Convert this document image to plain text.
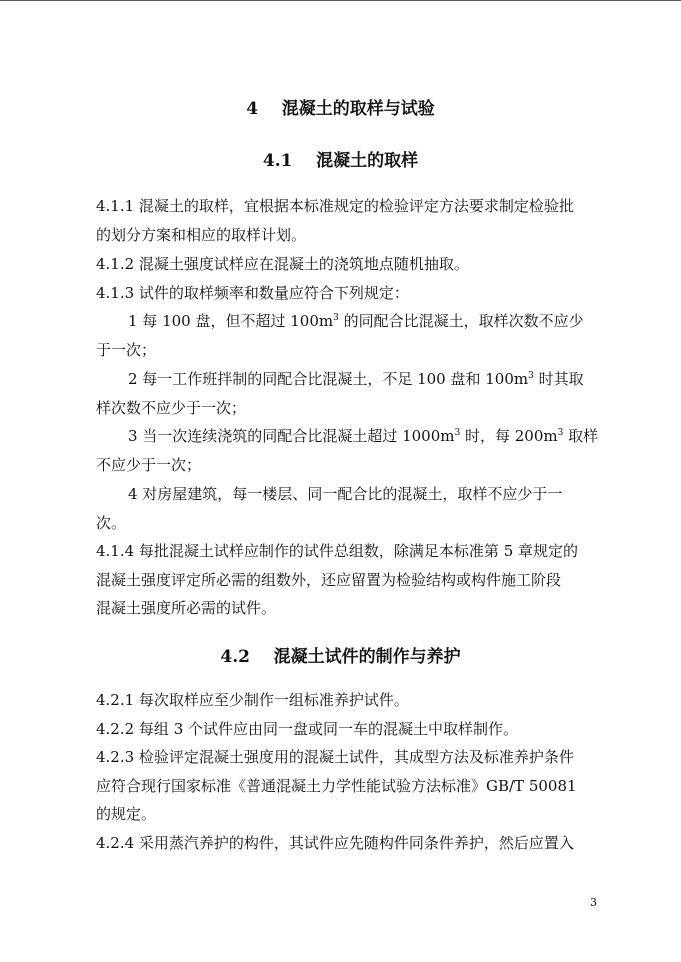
4 混凝土的取样与试验
4.1 混凝土的取样
4.1.1 混凝土的取样，宜根据本标准规定的检验评定方法要求制定检验批
的划分方案和相应的取样计划。
4.1.2 混凝土强度试样应在混凝土的浇筑地点随机抽取。
4.1.3 试件的取样频率和数量应符合下列规定：
1 每 100 盘，但不超过 $100m^3$ 的同配合比混凝土，取样次数不应少
于一次；
2 每一工作班拌制的同配合比混凝土，不足 100 盘和 $100m^3$ 时其取
样次数不应少于一次；
3 当一次连续浇筑的同配合比混凝土超过 $1000m^3$ 时，每 $200m^3$ 取样
不应少于一次；
4 对房屋建筑，每一楼层、同一配合比的混凝土，取样不应少于一
次。
4.1.4 每批混凝土试样应制作的试件总组数，除满足本标准第 5 章规定的
混凝土强度评定所必需的组数外，还应留置为检验结构或构件施工阶段
混凝土强度所必需的试件。
4.2 混凝土试件的制作与养护
4.2.1 每次取样应至少制作一组标准养护试件。
4.2.2 每组 3 个试件应由同一盘或同一车的混凝土中取样制作。
4.2.3 检验评定混凝土强度用的混凝土试件，其成型方法及标准养护条件
应符合现行国家标准《普通混凝土力学性能试验方法标准》GB/T 50081
的规定。
4.2.4 采用蒸汽养护的构件，其试件应先随构件同条件养护，然后应置入
3
